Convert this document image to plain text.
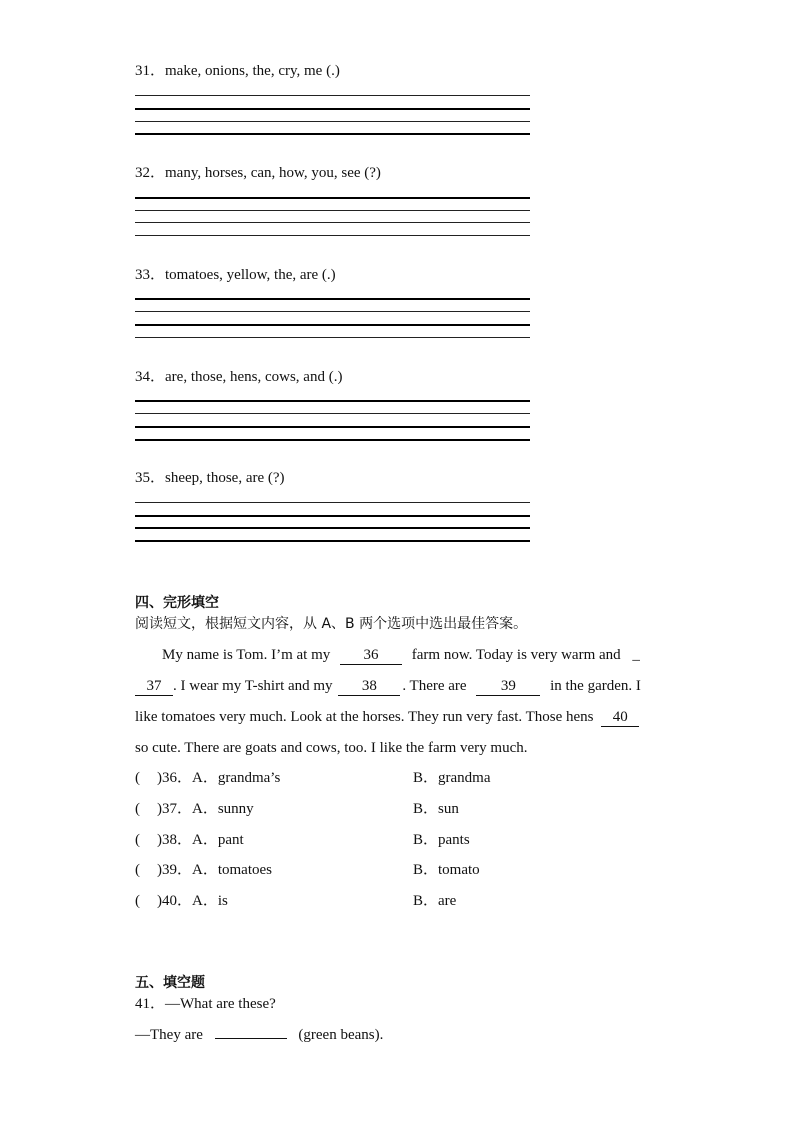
31．make, onions, the, cry, me (.)
32．many, horses, can, how, you, see (?)
33．tomatoes, yellow, the, are (.)
34．are, those, hens, cows, and (.)
35．sheep, those, are (?)
四、完形填空
阅读短文，根据短文内容，从 A、B 两个选项中选出最佳答案。
My name is Tom. I’m at my 36 farm now. Today is very warm and _
37 . I wear my T-shirt and my 38 . There are 39 in the garden. I
like tomatoes very much. Look at the horses. They run very fast. Those hens 40
so cute. There are goats and cows, too. I like the farm very much.
( )36．A．grandma’s	B．grandma
( )37．A．sunny	B．sun
( )38．A．pant	B．pants
( )39．A．tomatoes	B．tomato
( )40．A．is	B．are
五、填空题
41．—What are these?
—They are	(green beans).
